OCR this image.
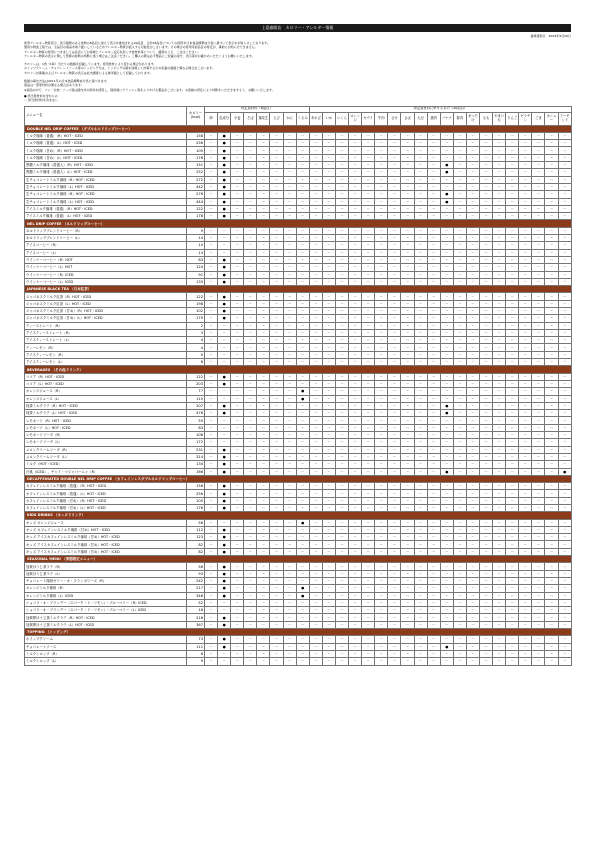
上島珈琲店　カロリー・アレルギー情報
最終更新日　2023年9月20日

使用アレルギー物質表示、表示義務のある食物の8品目に加えて表示を推奨される20品目、合計28品目についての使用を日本食品標準成分表に基づいて表示をお知らせしております。

製造や物流工程では、全品目の商品を取り扱いしているためアレルギー物質が混入する可能性がございます。その場合の使用可能品目の特定が、事前にお知らせできません。

アレルギー物質の使用につきましては各店にてお客様とアレルギー反応を起こす食材料等について、確認のうえ、ご注文ください。

アレルギー物質の表示に関して医師の診断の判断に迷う場合はご注意ください。ご購入の際は必ず製品にご記載の成分、表示等をお確かめいただくようお願いいたします。

カロリーは、1食（1杯）当たりの数値を記載しています。使用食材により変わる場合があります。

ホイップクリーム・チョコレートソース等のトッピング分は、トッピングの値を加算して計算するため記載の数値と異なる場合がございます。

カロリー計算値およびアレルギー物質の表示は社内調査による参考値として記載しております。

数値の算出方法は2011年の日本食品標準成分表に基づきます。

商品は一部原材料が異なる場合があります。

※商品の中で、パン・生地・ソース等は国内外の原料を使用し、提供時にクラッシュ等をふりかける製品がございます。お客様の責任により判断をいただきますよう、お願いいたします。

● 該当原材料を含むもの
－ 該当原材料を含まない
メニュー名	カロリー (kcal)	特定原材料（8品目）								特定原材料に準ずるもの（20品目）																			
		卵	乳成分	小麦	そば	落花生	えび	かに	くるみ	あわび	いか	いくら	オレンジ	キウイ	牛肉	さけ	さば	大豆	鶏肉	バナナ	豚肉	まつたけ	もも	やまいも	りんご	ゼラチン	ごま	カシュー	アーモンド
DOUBLE NEL DRIP COFFEE （ダブルネルドリップコーヒー）																													
ミルク珈琲（普通）（R）HOT・ICED	158	－	●	－	－	－	－	－	－	－	－	－	－	－	－	－	－	－	－	－	－	－	－	－	－	－	－	－	－
ミルク珈琲（普通）（L）HOT・ICED	256	－	●	－	－	－	－	－	－	－	－	－	－	－	－	－	－	－	－	－	－	－	－	－	－	－	－	－	－
ミルク珈琲（甘め）（R）HOT・ICED	105	－	●	－	－	－	－	－	－	－	－	－	－	－	－	－	－	－	－	－	－	－	－	－	－	－	－	－	－
ミルク珈琲（甘め）（L）HOT・ICED	176	－	●	－	－	－	－	－	－	－	－	－	－	－	－	－	－	－	－	－	－	－	－	－	－	－	－	－	－
黒糖ミルク珈琲（普通入）（R）HOT・ICED	151	－	●	－	－	－	－	－	－	－	－	－	－	－	－	－	－	－	－	●	－	－	－	－	－	－	－	－	－
黒糖ミルク珈琲（普通入）（L）HOT・ICED	252	－	●	－	－	－	－	－	－	－	－	－	－	－	－	－	－	－	－	●	－	－	－	－	－	－	－	－	－
生チョコレートミルク珈琲（R）HOT・ICED	272	－	●	－	－	－	－	－	－	－	－	－	－	－	－	－	－	－	－	－	－	－	－	－	－	－	－	－	－
生チョコレートミルク珈琲（L）HOT・ICED	442	－	●	－	－	－	－	－	－	－	－	－	－	－	－	－	－	－	－	－	－	－	－	－	－	－	－	－	－
生チョコレートミルク珈琲（R）HOT・ICED	276	－	●	－	－	－	－	－	－	－	－	－	－	－	－	－	－	－	－	●	－	－	－	－	－	－	－	－	－
生チョコレートミルク珈琲（L）HOT・ICED	444	－	●	－	－	－	－	－	－	－	－	－	－	－	－	－	－	－	－	●	－	－	－	－	－	－	－	－	－
アイスミルク珈琲（普通）（R）HOT・ICED	122	－	●	－	－	－	－	－	－	－	－	－	－	－	－	－	－	－	－	－	－	－	－	－	－	－	－	－	－
アイスミルク珈琲（普通）（L）HOT・ICED	178	－	●	－	－	－	－	－	－	－	－	－	－	－	－	－	－	－	－	－	－	－	－	－	－	－	－	－	－
NEL DRIP COFFEE （ネルドリップコーヒー）																													
ネルドリップブレンドコーヒー（R）	9	－	－	－	－	－	－	－	－	－	－	－	－	－	－	－	－	－	－	－	－	－	－	－	－	－	－	－	－
ネルドリップブレンドコーヒー（L）	14	－	－	－	－	－	－	－	－	－	－	－	－	－	－	－	－	－	－	－	－	－	－	－	－	－	－	－	－
アイスコーヒー（R）	10	－	－	－	－	－	－	－	－	－	－	－	－	－	－	－	－	－	－	－	－	－	－	－	－	－	－	－	－
アイスコーヒー（L）	13	－	－	－	－	－	－	－	－	－	－	－	－	－	－	－	－	－	－	－	－	－	－	－	－	－	－	－	－
ウインナーコーヒー（R）HOT	83	－	●	－	－	－	－	－	－	－	－	－	－	－	－	－	－	－	－	－	－	－	－	－	－	－	－	－	－
ウインナーコーヒー（L）HOT	124	－	●	－	－	－	－	－	－	－	－	－	－	－	－	－	－	－	－	－	－	－	－	－	－	－	－	－	－
ウインナーコーヒー（R）ICED	91	－	●	－	－	－	－	－	－	－	－	－	－	－	－	－	－	－	－	－	－	－	－	－	－	－	－	－	－
ウインナーコーヒー（L）ICED	133	－	●	－	－	－	－	－	－	－	－	－	－	－	－	－	－	－	－	－	－	－	－	－	－	－	－	－	－
JAPANESE BLACK TEA （日本紅茶）																													
ジャパネスクミルク紅茶（R）HOT・ICED	122	－	●	－	－	－	－	－	－	－	－	－	－	－	－	－	－	－	－	－	－	－	－	－	－	－	－	－	－
ジャパネスクミルク紅茶（L）HOT・ICED	198	－	●	－	－	－	－	－	－	－	－	－	－	－	－	－	－	－	－	－	－	－	－	－	－	－	－	－	－
ジャパネスクミルク紅茶（甘め）（R）HOT・ICED	102	－	●	－	－	－	－	－	－	－	－	－	－	－	－	－	－	－	－	－	－	－	－	－	－	－	－	－	－
ジャパネスクミルク紅茶（甘め）（L）HOT・ICED	170	－	●	－	－	－	－	－	－	－	－	－	－	－	－	－	－	－	－	－	－	－	－	－	－	－	－	－	－
ティーストレート（R）	2	－	－	－	－	－	－	－	－	－	－	－	－	－	－	－	－	－	－	－	－	－	－	－	－	－	－	－	－
アイスティーストレート（R）	3	－	－	－	－	－	－	－	－	－	－	－	－	－	－	－	－	－	－	－	－	－	－	－	－	－	－	－	－
アイスティーストレート（L）	4	－	－	－	－	－	－	－	－	－	－	－	－	－	－	－	－	－	－	－	－	－	－	－	－	－	－	－	－
ティーレモン（R）	4	－	－	－	－	－	－	－	－	－	－	－	－	－	－	－	－	－	－	－	－	－	－	－	－	－	－	－	－
アイスティーレモン（R）	5	－	－	－	－	－	－	－	－	－	－	－	－	－	－	－	－	－	－	－	－	－	－	－	－	－	－	－	－
アイスティーレモン（L）	6	－	－	－	－	－	－	－	－	－	－	－	－	－	－	－	－	－	－	－	－	－	－	－	－	－	－	－	－
BEVERAGES （その他ドリンク）																													
ココア（R）HOT・ICED	122	－	●	－	－	－	－	－	－	－	－	－	－	－	－	－	－	－	－	－	－	－	－	－	－	－	－	－	－
ココア（L）HOT・ICED	203	－	●	－	－	－	－	－	－	－	－	－	－	－	－	－	－	－	－	－	－	－	－	－	－	－	－	－	－
オレンジジュース（R）	77	－	－	－	－	－	－	－	●	－	－	－	－	－	－	－	－	－	－	－	－	－	－	－	－	－	－	－	－
オレンジジュース（L）	115	－	－	－	－	－	－	－	●	－	－	－	－	－	－	－	－	－	－	－	－	－	－	－	－	－	－	－	－
抹茶ミルクラテ（R）HOT・ICED	207	－	●	－	－	－	－	－	－	－	－	－	－	－	－	－	－	－	－	●	－	－	－	－	－	－	－	－	－
抹茶ミルクラテ（L）HOT・ICED	476	－	●	－	－	－	－	－	－	－	－	－	－	－	－	－	－	－	－	●	－	－	－	－	－	－	－	－	－
レモネード（R）HOT・ICED	55	－	－	－	－	－	－	－	－	－	－	－	－	－	－	－	－	－	－	－	－	－	－	－	－	－	－	－	－
レモネード（L）HOT・ICED	83	－	－	－	－	－	－	－	－	－	－	－	－	－	－	－	－	－	－	－	－	－	－	－	－	－	－	－	－
レモネードソーダ（R）	108	－	－	－	－	－	－	－	－	－	－	－	－	－	－	－	－	－	－	－	－	－	－	－	－	－	－	－	－
レモネードソーダ（L）	172	－	－	－	－	－	－	－	－	－	－	－	－	－	－	－	－	－	－	－	－	－	－	－	－	－	－	－	－
メロンクリームソーダ（R）	231	－	●	－	－	－	－	－	－	－	－	－	－	－	－	－	－	－	－	－	－	－	－	－	－	－	－	－	－
メロンクリームソーダ（L）	314	－	●	－	－	－	－	－	－	－	－	－	－	－	－	－	－	－	－	－	－	－	－	－	－	－	－	－	－
ミルク（HOT・ICED）	134	－	●	－	－	－	－	－	－	－	－	－	－	－	－	－	－	－	－	－	－	－	－	－	－	－	－	－	－
白桃（ICED）、チャイ・マジャパーニャ（R）	166	－	●	－	－	－	－	－	－	－	－	－	－	－	－	－	－	－	－	●	－	－	－	－	－	－	－	－	●
DECAFFEINATED DOUBLE NEL DRIP COFFEE （カフェインレスダブルネルドリップコーヒー）																													
カフェインレスミルク珈琲（普通）（R）HOT・ICED	158	－	●	－	－	－	－	－	－	－	－	－	－	－	－	－	－	－	－	－	－	－	－	－	－	－	－	－	－
カフェインレスミルク珈琲（普通）（L）HOT・ICED	256	－	●	－	－	－	－	－	－	－	－	－	－	－	－	－	－	－	－	－	－	－	－	－	－	－	－	－	－
カフェインレスミルク珈琲（甘め）（R）HOT・ICED	105	－	●	－	－	－	－	－	－	－	－	－	－	－	－	－	－	－	－	－	－	－	－	－	－	－	－	－	－
カフェインレスミルク珈琲（甘め）（L）HOT・ICED	176	－	●	－	－	－	－	－	－	－	－	－	－	－	－	－	－	－	－	－	－	－	－	－	－	－	－	－	－
KIDS DRINKS （キッズドリンク）																													
キッズ オレンジジュース	56	－	－	－	－	－	－	－	●	－	－	－	－	－	－	－	－	－	－	－	－	－	－	－	－	－	－	－	－
キッズ カフェインレスミルク珈琲（甘め）HOT・ICED	112	－	●	－	－	－	－	－	－	－	－	－	－	－	－	－	－	－	－	－	－	－	－	－	－	－	－	－	－
キッズ アイスカフェインレスミルク珈琲（甘め）HOT・ICED	123	－	●	－	－	－	－	－	－	－	－	－	－	－	－	－	－	－	－	－	－	－	－	－	－	－	－	－	－
キッズ アイスカフェインレスミルク珈琲（甘め）HOT・ICED	82	－	●	－	－	－	－	－	－	－	－	－	－	－	－	－	－	－	－	－	－	－	－	－	－	－	－	－	－
キッズ アイスカフェインレスミルク珈琲（甘め）HOT・ICED	82	－	●	－	－	－	－	－	－	－	－	－	－	－	－	－	－	－	－	－	－	－	－	－	－	－	－	－	－
SEASONAL MENU （季節限定メニュー）																													
加賀ほうじ茶ラテ（R）	56	－	●	－	－	－	－	－	－	－	－	－	－	－	－	－	－	－	－	－	－	－	－	－	－	－	－	－	－
加賀ほうじ茶ラテ（L）	93	－	●	－	－	－	－	－	－	－	－	－	－	－	－	－	－	－	－	－	－	－	－	－	－	－	－	－	－
チョコレート珈琲ゼリー・オ・フランボワーズ（R）	242	－	●	－	－	－	－	－	－	－	－	－	－	－	－	－	－	－	－	－	－	－	－	－	－	－	－	－	－
オレンジミルク珈琲（R）	217	－	●	－	－	－	－	－	●	－	－	－	－	－	－	－	－	－	－	－	－	－	－	－	－	－	－	－	－
オレンジミルク珈琲（L）ICED	348	－	●	－	－	－	－	－	●	－	－	－	－	－	－	－	－	－	－	－	－	－	－	－	－	－	－	－	－
ショコラ・オ・ブランデー（スパーク・ド・リモン）・ブルーベリー（R）ICED	52	－	－	－	－	－	－	－	－	－	－	－	－	－	－	－	－	－	－	－	－	－	－	－	－	－	－	－	－
ショコラ・オ・ブランデー（スパーク・ド・リモン）・ブルーベリー（L）ICED	16	－	－	－	－	－	－	－	－	－	－	－	－	－	－	－	－	－	－	－	－	－	－	－	－	－	－	－	－
加賀棒ほうじ茶ミルクラテ（R）HOT・ICED	216	－	●	－	－	－	－	－	－	－	－	－	－	－	－	－	－	－	－	－	－	－	－	－	－	－	－	－	－
加賀棒ほうじ茶ミルクラテ（L）HOT・ICED	367	－	●	－	－	－	－	－	－	－	－	－	－	－	－	－	－	－	－	－	－	－	－	－	－	－	－	－	－
TOPPING （トッピング）																													
ホイップクリーム	73	－	●	－	－	－	－	－	－	－	－	－	－	－	－	－	－	－	－	－	－	－	－	－	－	－	－	－	－
チョコレートソース	111	－	●	－	－	－	－	－	－	－	－	－	－	－	－	－	－	－	－	●	－	－	－	－	－	－	－	－	－
ミルクシロップ（R）	6	－	－	－	－	－	－	－	－	－	－	－	－	－	－	－	－	－	－	－	－	－	－	－	－	－	－	－	－
ミルクシロップ（L）	9	－	－	－	－	－	－	－	－	－	－	－	－	－	－	－	－	－	－	－	－	－	－	－	－	－	－	－	－
